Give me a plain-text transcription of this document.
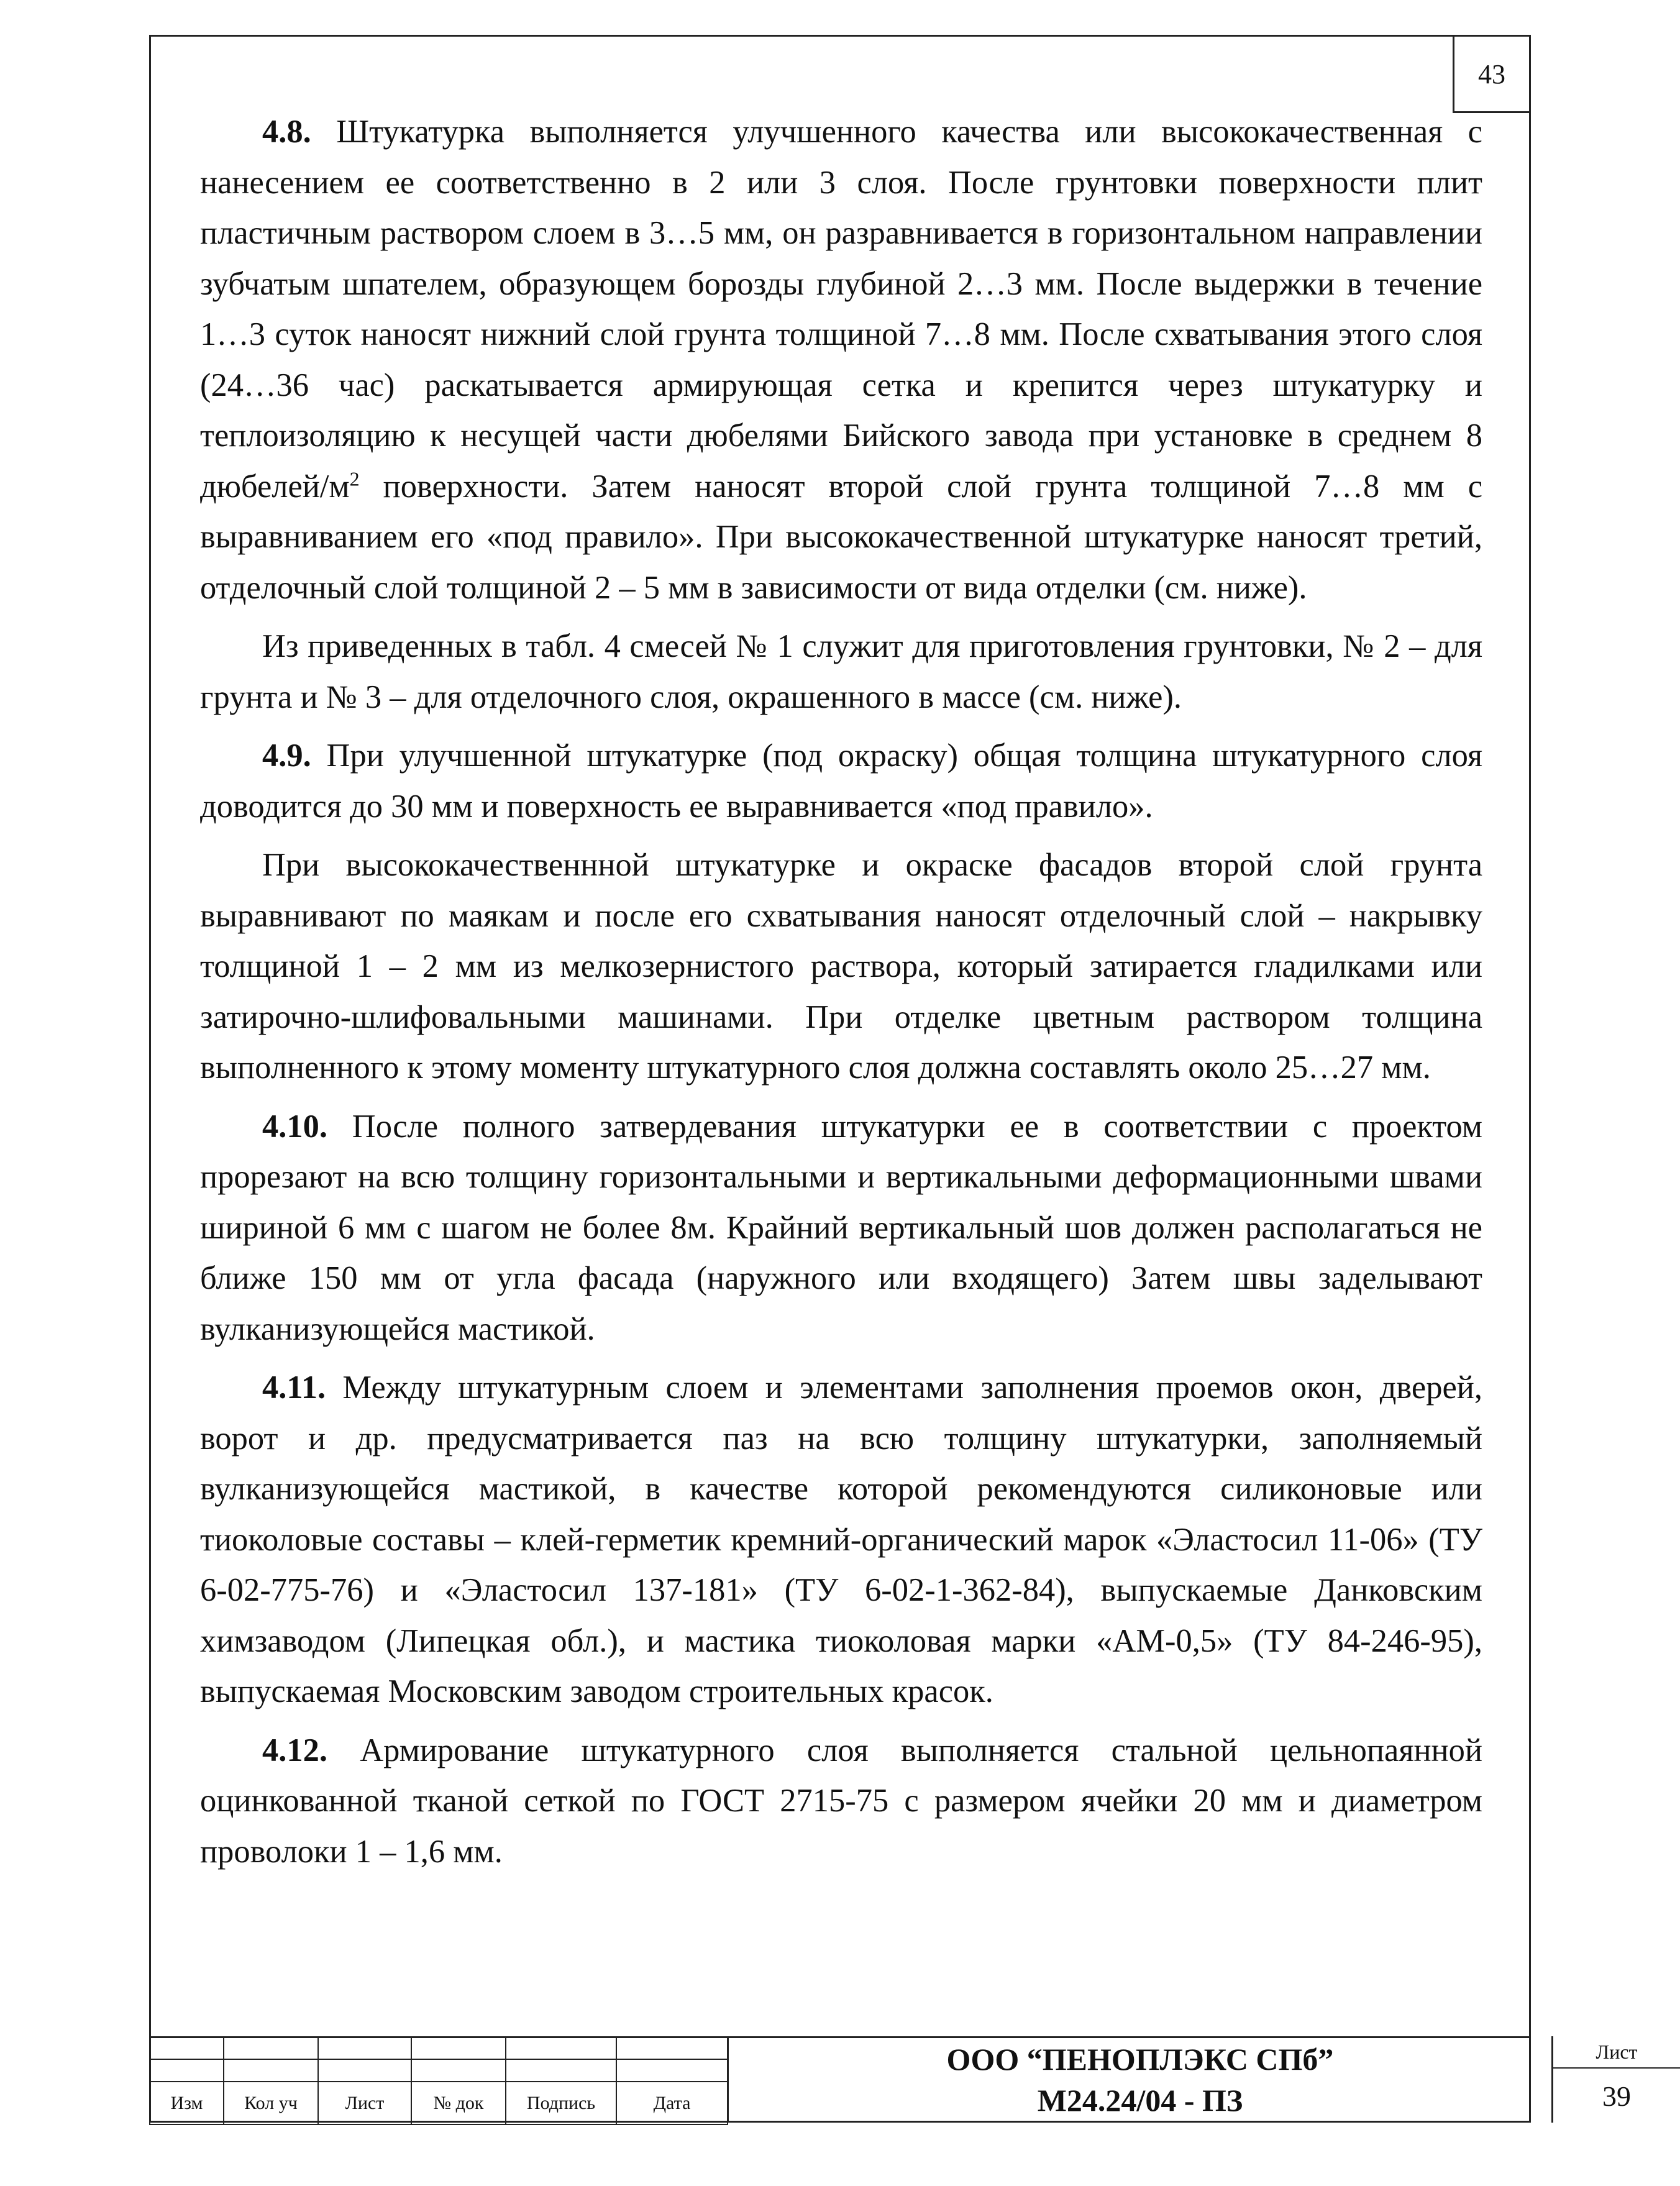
43

4.8. Штукатурка выполняется улучшенного качества или высококачественная с нанесением ее соответственно в 2 или 3 слоя. После грунтовки поверхности плит пластичным раствором слоем в 3…5 мм, он разравнивается в горизонтальном направлении зубчатым шпателем, образующем борозды глубиной 2…3 мм. После выдержки в течение 1…3 суток наносят нижний слой грунта толщиной 7…8 мм. После схватывания этого слоя (24…36 час) раскатывается армирующая сетка и крепится через штукатурку и теплоизоляцию к несущей части дюбелями Бийского завода при установке в среднем 8 дюбелей/$м^2$ поверхности. Затем наносят второй слой грунта толщиной 7…8 мм с выравниванием его «под правило». При высококачественной штукатурке наносят третий, отделочный слой толщиной 2 – 5 мм в зависимости от вида отделки (см. ниже).

Из приведенных в табл. 4 смесей № 1 служит для приготовления грунтовки, № 2 – для грунта и № 3 – для отделочного слоя, окрашенного в массе (см. ниже).

4.9. При улучшенной штукатурке (под окраску) общая толщина штукатурного слоя доводится до 30 мм и поверхность ее выравнивается «под правило».

При высококачественнной штукатурке и окраске фасадов второй слой грунта выравнивают по маякам и после его схватывания наносят отделочный слой – накрывку толщиной 1 – 2 мм из мелкозернистого раствора, который затирается гладилками или затирочно-шлифовальными машинами. При отделке цветным раствором толщина выполненного к этому моменту штукатурного слоя должна составлять около 25…27 мм.

4.10. После полного затвердевания штукатурки ее в соответствии с проектом прорезают на всю толщину горизонтальными и вертикальными деформационными швами шириной 6 мм с шагом не более 8м. Крайний вертикальный шов должен располагаться не ближе 150 мм от угла фасада (наружного или входящего) Затем швы заделывают вулканизующейся мастикой.

4.11. Между штукатурным слоем и элементами заполнения проемов окон, дверей, ворот и др. предусматривается паз на всю толщину штукатурки, заполняемый вулканизующейся мастикой, в качестве которой рекомендуются силиконовые или тиоколовые составы – клей-герметик кремний-органический марок «Эластосил 11-06» (ТУ 6-02-775-76) и «Эластосил 137-181» (ТУ 6-02-1-362-84), выпускаемые Данковским химзаводом (Липецкая обл.), и мастика тиоколовая марки «АМ-0,5» (ТУ 84-246-95), выпускаемая Московским заводом строительных красок.

4.12. Армирование штукатурного слоя выполняется стальной цельнопаянной оцинкованной тканой сеткой по ГОСТ 2715-75 с размером ячейки 20 мм и диаметром проволоки 1 – 1,6 мм.

Изм	Кол уч	Лист	№ док	Подпись	Дата
ООО “ПЕНОПЛЭКС СПб”
М24.24/04 - ПЗ
Лист
39
